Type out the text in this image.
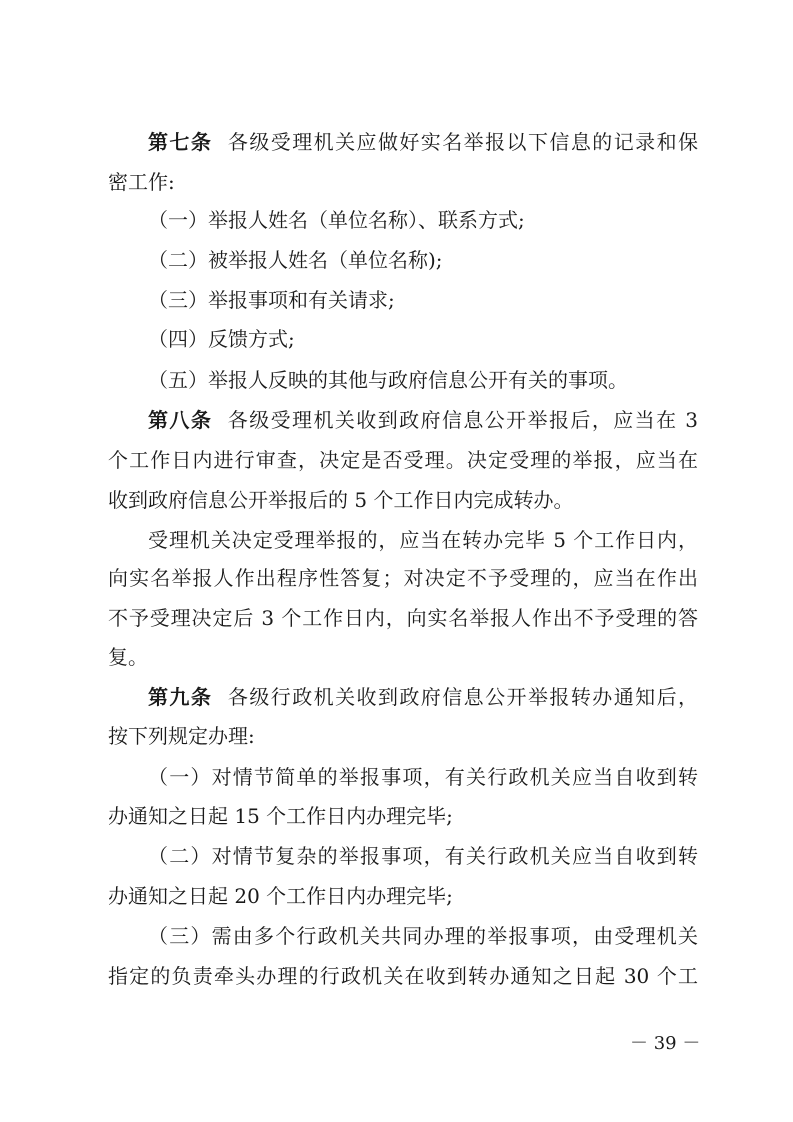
第七条 各级受理机关应做好实名举报以下信息的记录和保
密工作:
（一）举报人姓名（单位名称）、联系方式;
（二）被举报人姓名（单位名称);
（三）举报事项和有关请求;
（四）反馈方式;
（五）举报人反映的其他与政府信息公开有关的事项。
第八条 各级受理机关收到政府信息公开举报后，应当在 3
个工作日内进行审查，决定是否受理。决定受理的举报，应当在
收到政府信息公开举报后的 5 个工作日内完成转办。
受理机关决定受理举报的，应当在转办完毕 5 个工作日内，
向实名举报人作出程序性答复；对决定不予受理的，应当在作出
不予受理决定后 3 个工作日内，向实名举报人作出不予受理的答
复。
第九条 各级行政机关收到政府信息公开举报转办通知后，
按下列规定办理:
（一）对情节简单的举报事项，有关行政机关应当自收到转
办通知之日起 15 个工作日内办理完毕;
（二）对情节复杂的举报事项，有关行政机关应当自收到转
办通知之日起 20 个工作日内办理完毕;
（三）需由多个行政机关共同办理的举报事项，由受理机关
指定的负责牵头办理的行政机关在收到转办通知之日起 30 个工
－ 39 －
